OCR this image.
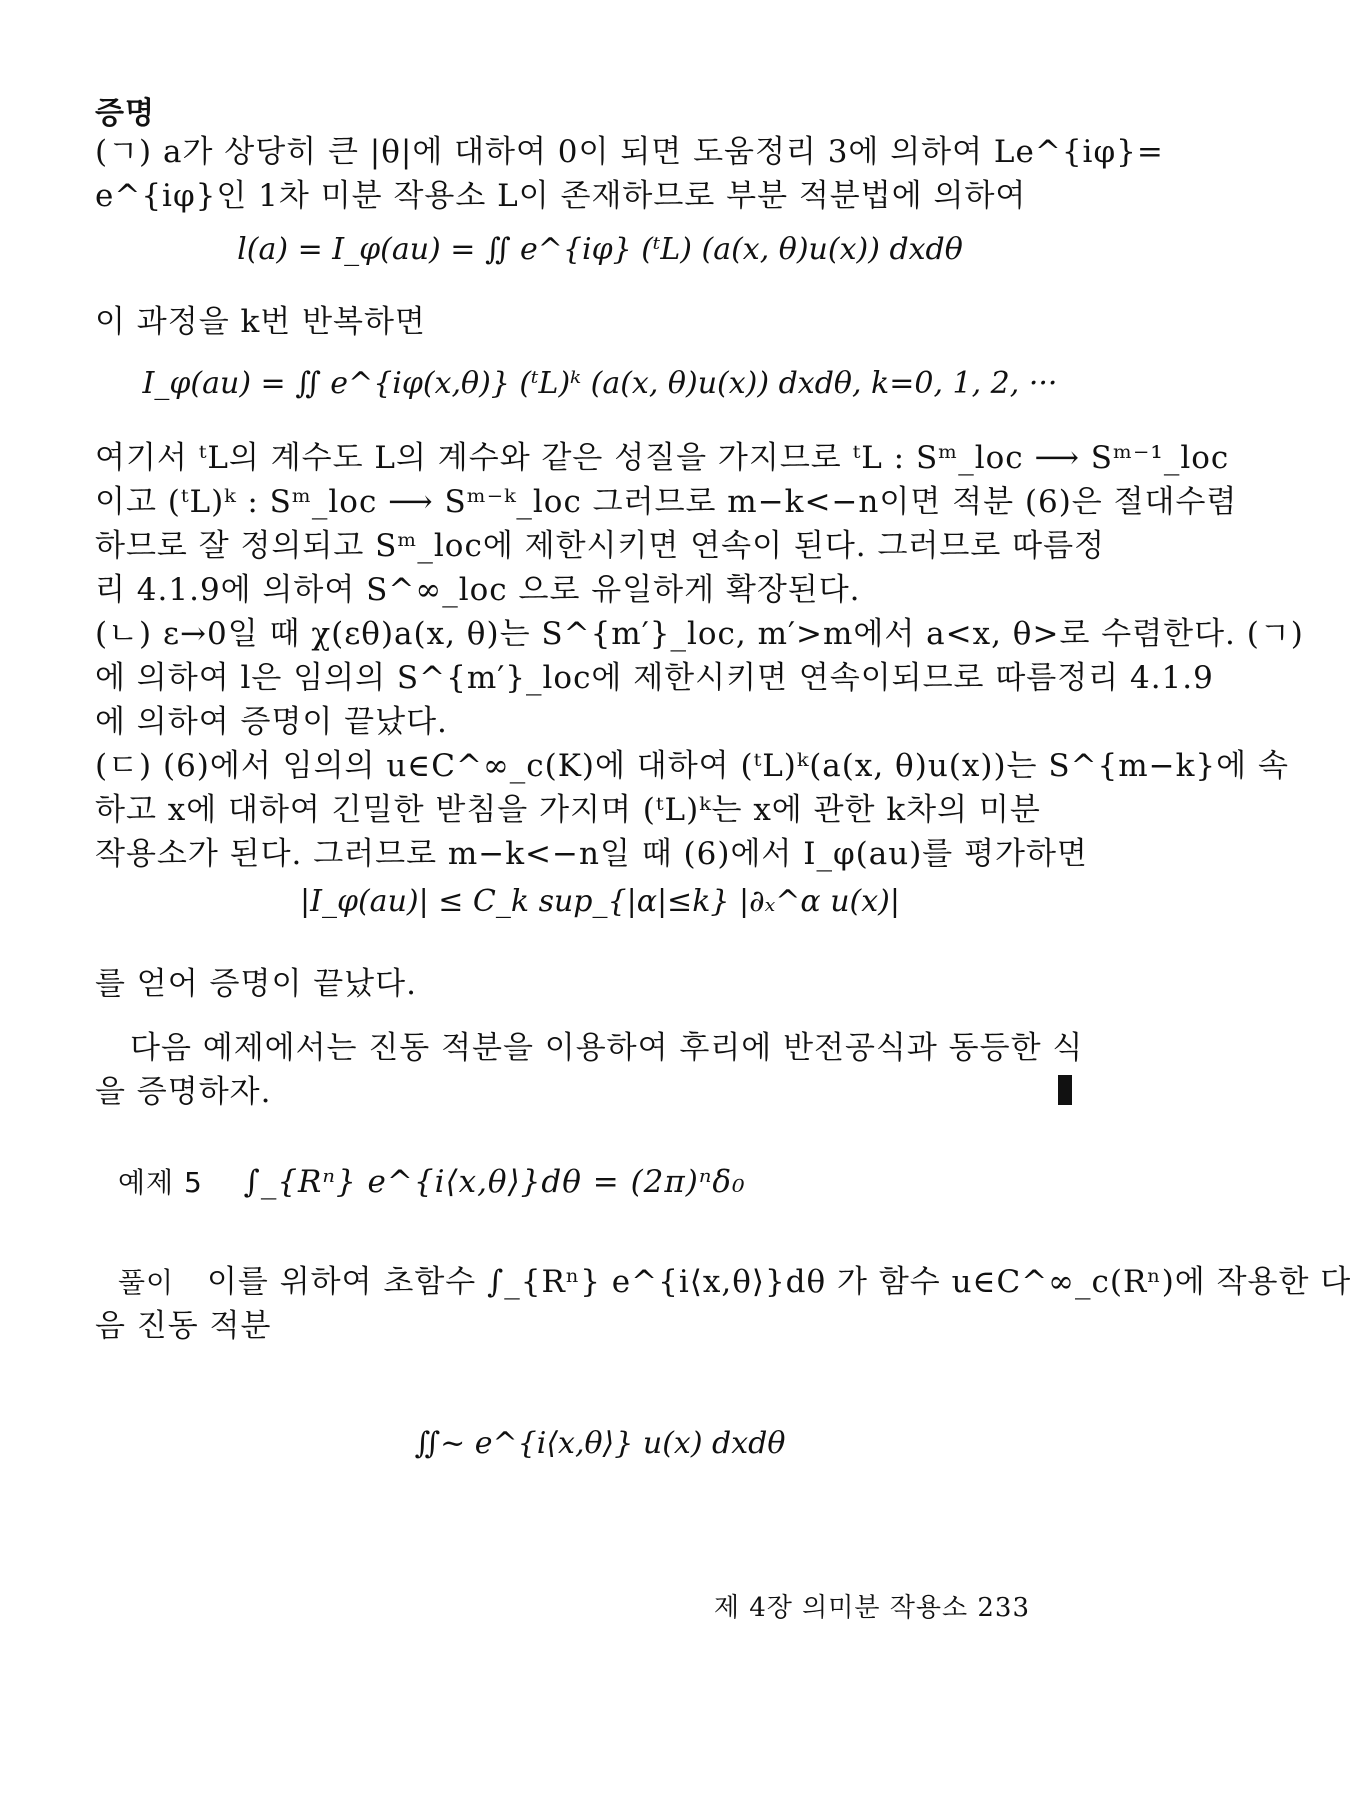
증명
(ㄱ) a가 상당히 큰 |θ|에 대하여 0이 되면 도움정리 3에 의하여 Le^{iφ}=
e^{iφ}인 1차 미분 작용소 L이 존재하므로 부분 적분법에 의하여
l(a) = I_φ(au) = ∬ e^{iφ} (ᵗL) (a(x, θ)u(x)) dxdθ
이 과정을 k번 반복하면
I_φ(au) = ∬ e^{iφ(x,θ)} (ᵗL)ᵏ (a(x, θ)u(x)) dxdθ, k=0, 1, 2, ···
여기서 ᵗL의 계수도 L의 계수와 같은 성질을 가지므로 ᵗL : Sᵐ_loc ⟶ Sᵐ⁻¹_loc
이고 (ᵗL)ᵏ : Sᵐ_loc ⟶ Sᵐ⁻ᵏ_loc 그러므로 m−k<−n이면 적분 (6)은 절대수렴
하므로 잘 정의되고 Sᵐ_loc에 제한시키면 연속이 된다. 그러므로 따름정
리 4.1.9에 의하여 S^∞_loc 으로 유일하게 확장된다.
(ㄴ) ε→0일 때 χ(εθ)a(x, θ)는 S^{m′}_loc, m′>m에서 a<x, θ>로 수렴한다. (ㄱ)
에 의하여 l은 임의의 S^{m′}_loc에 제한시키면 연속이되므로 따름정리 4.1.9
에 의하여 증명이 끝났다.
(ㄷ) (6)에서 임의의 u∈C^∞_c(K)에 대하여 (ᵗL)ᵏ(a(x, θ)u(x))는 S^{m−k}에 속
하고 x에 대하여 긴밀한 받침을 가지며 (ᵗL)ᵏ는 x에 관한 k차의 미분
작용소가 된다. 그러므로 m−k<−n일 때 (6)에서 I_φ(au)를 평가하면
|I_φ(au)| ≤ C_k sup_{|α|≤k} |∂ₓ^α u(x)|
를 얻어 증명이 끝났다.
다음 예제에서는 진동 적분을 이용하여 후리에 반전공식과 동등한 식
을 증명하자.
예제 5 ∫_{Rⁿ} e^{i⟨x,θ⟩}dθ = (2π)ⁿδ₀
풀이 이를 위하여 초함수 ∫_{Rⁿ} e^{i⟨x,θ⟩}dθ 가 함수 u∈C^∞_c(Rⁿ)에 작용한 다
음 진동 적분
∬~ e^{i⟨x,θ⟩} u(x) dxdθ
제 4장 의미분 작용소 233
